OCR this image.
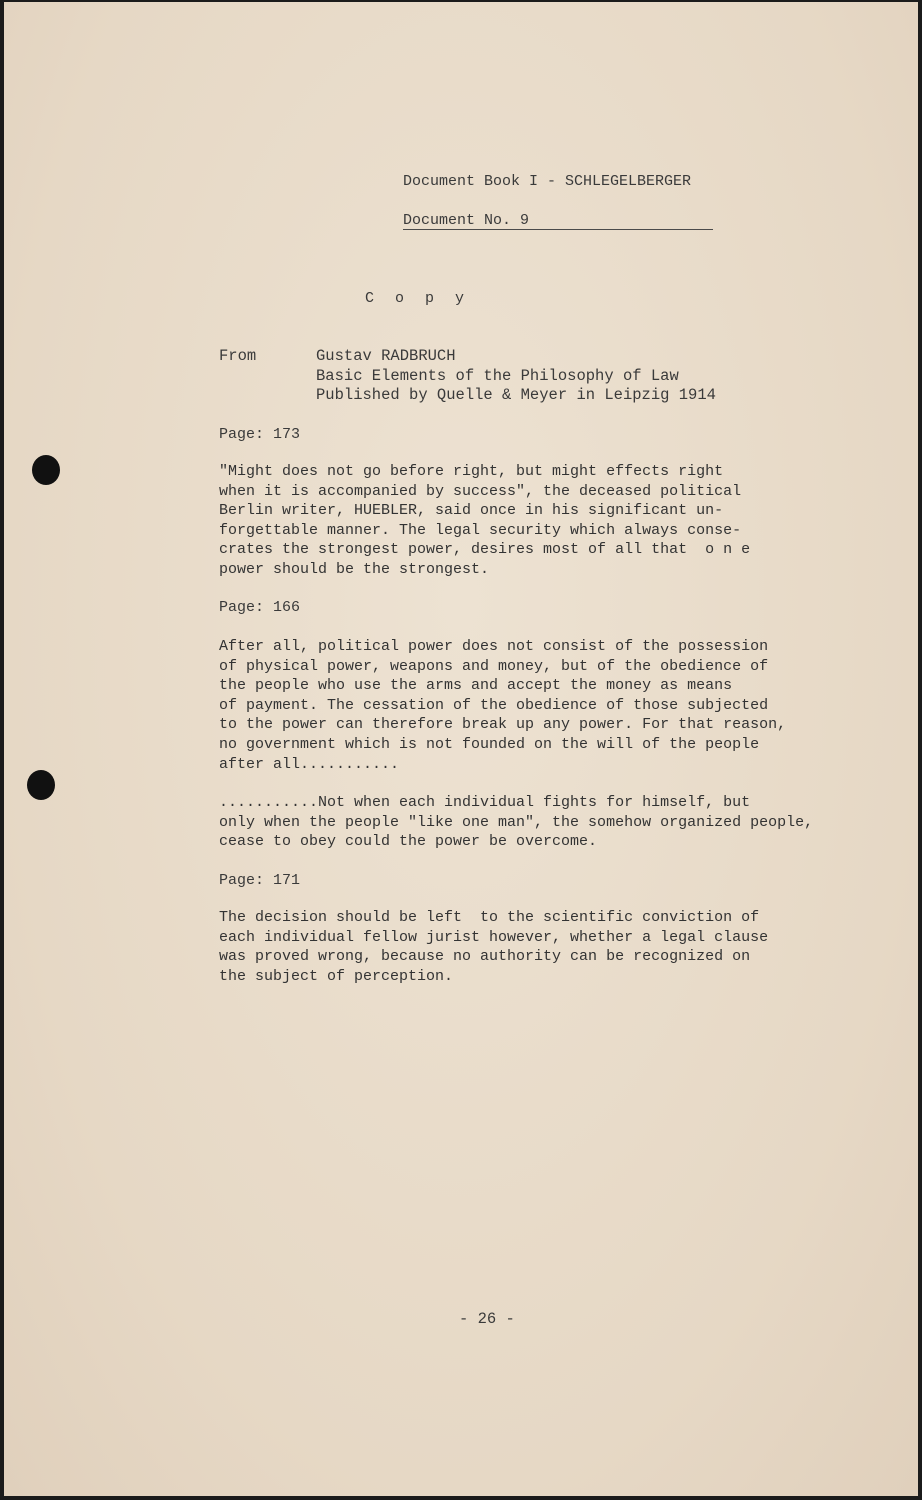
Document Book I - SCHLEGELBERGER
Document No. 9
C o p y
From	Gustav RADBRUCH
Basic Elements of the Philosophy of Law
Published by Quelle & Meyer in Leipzig 1914
Page: 173
"Might does not go before right, but might effects right
when it is accompanied by success", the deceased political
Berlin writer, HUEBLER, said once in his significant un-
forgettable manner. The legal security which always conse-
crates the strongest power, desires most of all that  o n e
power should be the strongest.
Page: 166
After all, political power does not consist of the possession
of physical power, weapons and money, but of the obedience of
the people who use the arms and accept the money as means
of payment. The cessation of the obedience of those subjected
to the power can therefore break up any power. For that reason,
no government which is not founded on the will of the people
after all...........
...........Not when each individual fights for himself, but
only when the people "like one man", the somehow organized people,
cease to obey could the power be overcome.
Page: 171
The decision should be left  to the scientific conviction of
each individual fellow jurist however, whether a legal clause
was proved wrong, because no authority can be recognized on
the subject of perception.
- 26 -
